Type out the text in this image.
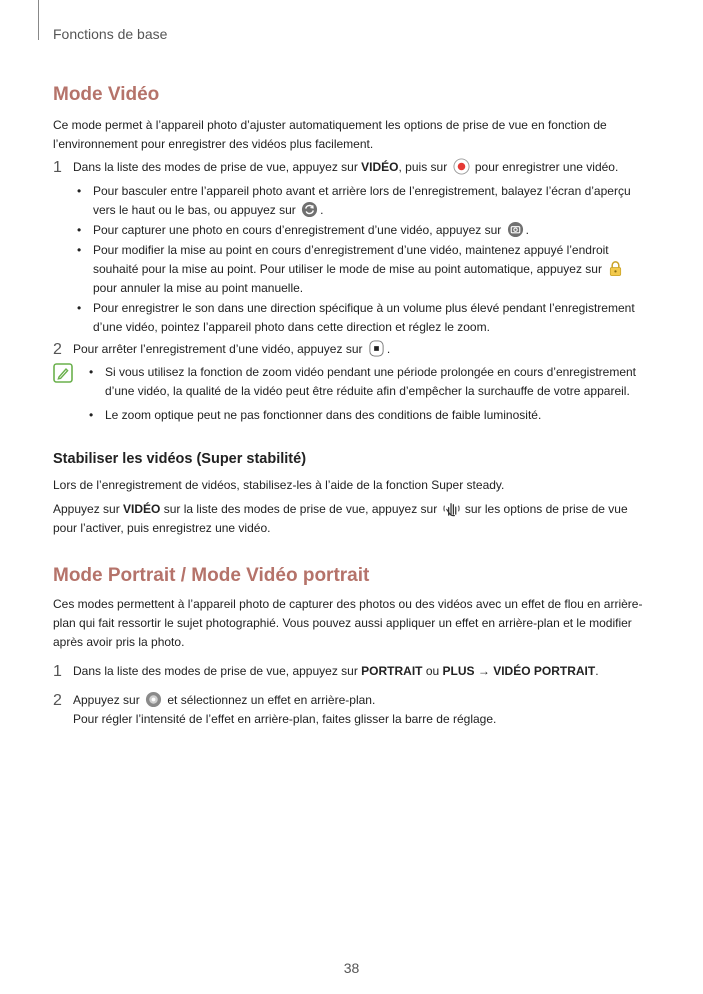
Fonctions de base
Mode Vidéo

Ce mode permet à l’appareil photo d’ajuster automatiquement les options de prise de vue en fonction de l’environnement pour enregistrer des vidéos plus facilement.

1 Dans la liste des modes de prise de vue, appuyez sur VIDÉO, puis sur  pour enregistrer une vidéo.
• Pour basculer entre l’appareil photo avant et arrière lors de l’enregistrement, balayez l’écran d’aperçu vers le haut ou le bas, ou appuyez sur .
• Pour capturer une photo en cours d’enregistrement d’une vidéo, appuyez sur .
• Pour modifier la mise au point en cours d’enregistrement d’une vidéo, maintenez appuyé l’endroit souhaité pour la mise au point. Pour utiliser le mode de mise au point automatique, appuyez sur  pour annuler la mise au point manuelle.
• Pour enregistrer le son dans une direction spécifique à un volume plus élevé pendant l’enregistrement d’une vidéo, pointez l’appareil photo dans cette direction et réglez le zoom.
2 Pour arrêter l’enregistrement d’une vidéo, appuyez sur .
• Si vous utilisez la fonction de zoom vidéo pendant une période prolongée en cours d’enregistrement d’une vidéo, la qualité de la vidéo peut être réduite afin d’empêcher la surchauffe de votre appareil.
• Le zoom optique peut ne pas fonctionner dans des conditions de faible luminosité.
Stabiliser les vidéos (Super stabilité)

Lors de l’enregistrement de vidéos, stabilisez-les à l’aide de la fonction Super steady.

Appuyez sur VIDÉO sur la liste des modes de prise de vue, appuyez sur  sur les options de prise de vue pour l’activer, puis enregistrez une vidéo.

Mode Portrait / Mode Vidéo portrait

Ces modes permettent à l’appareil photo de capturer des photos ou des vidéos avec un effet de flou en arrière-plan qui fait ressortir le sujet photographié. Vous pouvez aussi appliquer un effet en arrière-plan et le modifier après avoir pris la photo.

1 Dans la liste des modes de prise de vue, appuyez sur PORTRAIT ou PLUS → VIDÉO PORTRAIT.
2 Appuyez sur  et sélectionnez un effet en arrière-plan.
Pour régler l’intensité de l’effet en arrière-plan, faites glisser la barre de réglage.
38
